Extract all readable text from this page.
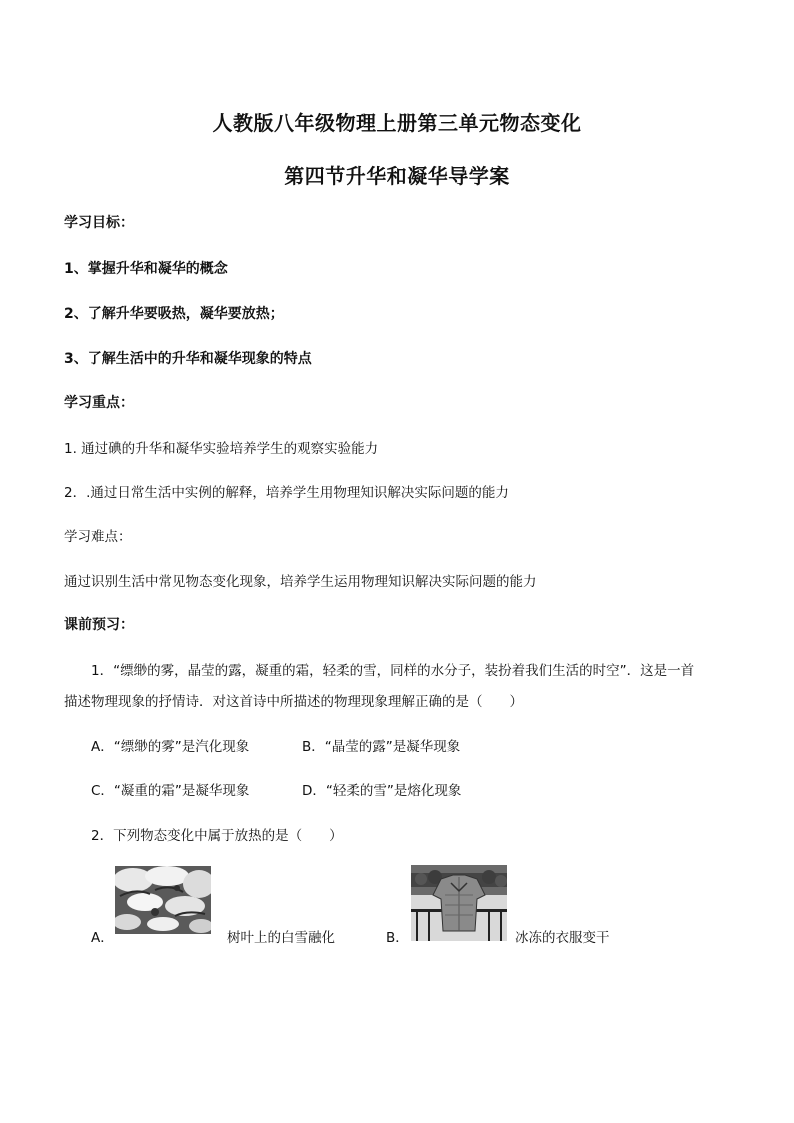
人教版八年级物理上册第三单元物态变化
第四节升华和凝华导学案
学习目标：
1、掌握升华和凝华的概念
2、了解升华要吸热，凝华要放热；
3、了解生活中的升华和凝华现象的特点
学习重点：
1. 通过碘的升华和凝华实验培养学生的观察实验能力
2．.通过日常生活中实例的解释，培养学生用物理知识解决实际问题的能力
学习难点：
通过识别生活中常见物态变化现象，培养学生运用物理知识解决实际问题的能力
课前预习：
1．“缥缈的雾，晶莹的露，凝重的霜，轻柔的雪，同样的水分子，装扮着我们生活的时空”．这是一首
描述物理现象的抒情诗．对这首诗中所描述的物理现象理解正确的是（　　）
A．“缥缈的雾”是汽化现象	B．“晶莹的露”是凝华现象
C．“凝重的霜”是凝华现象	D．“轻柔的雪”是熔化现象
2．下列物态变化中属于放热的是（　　）
A．	树叶上的白雪融化	B．	冰冻的衣服变干
